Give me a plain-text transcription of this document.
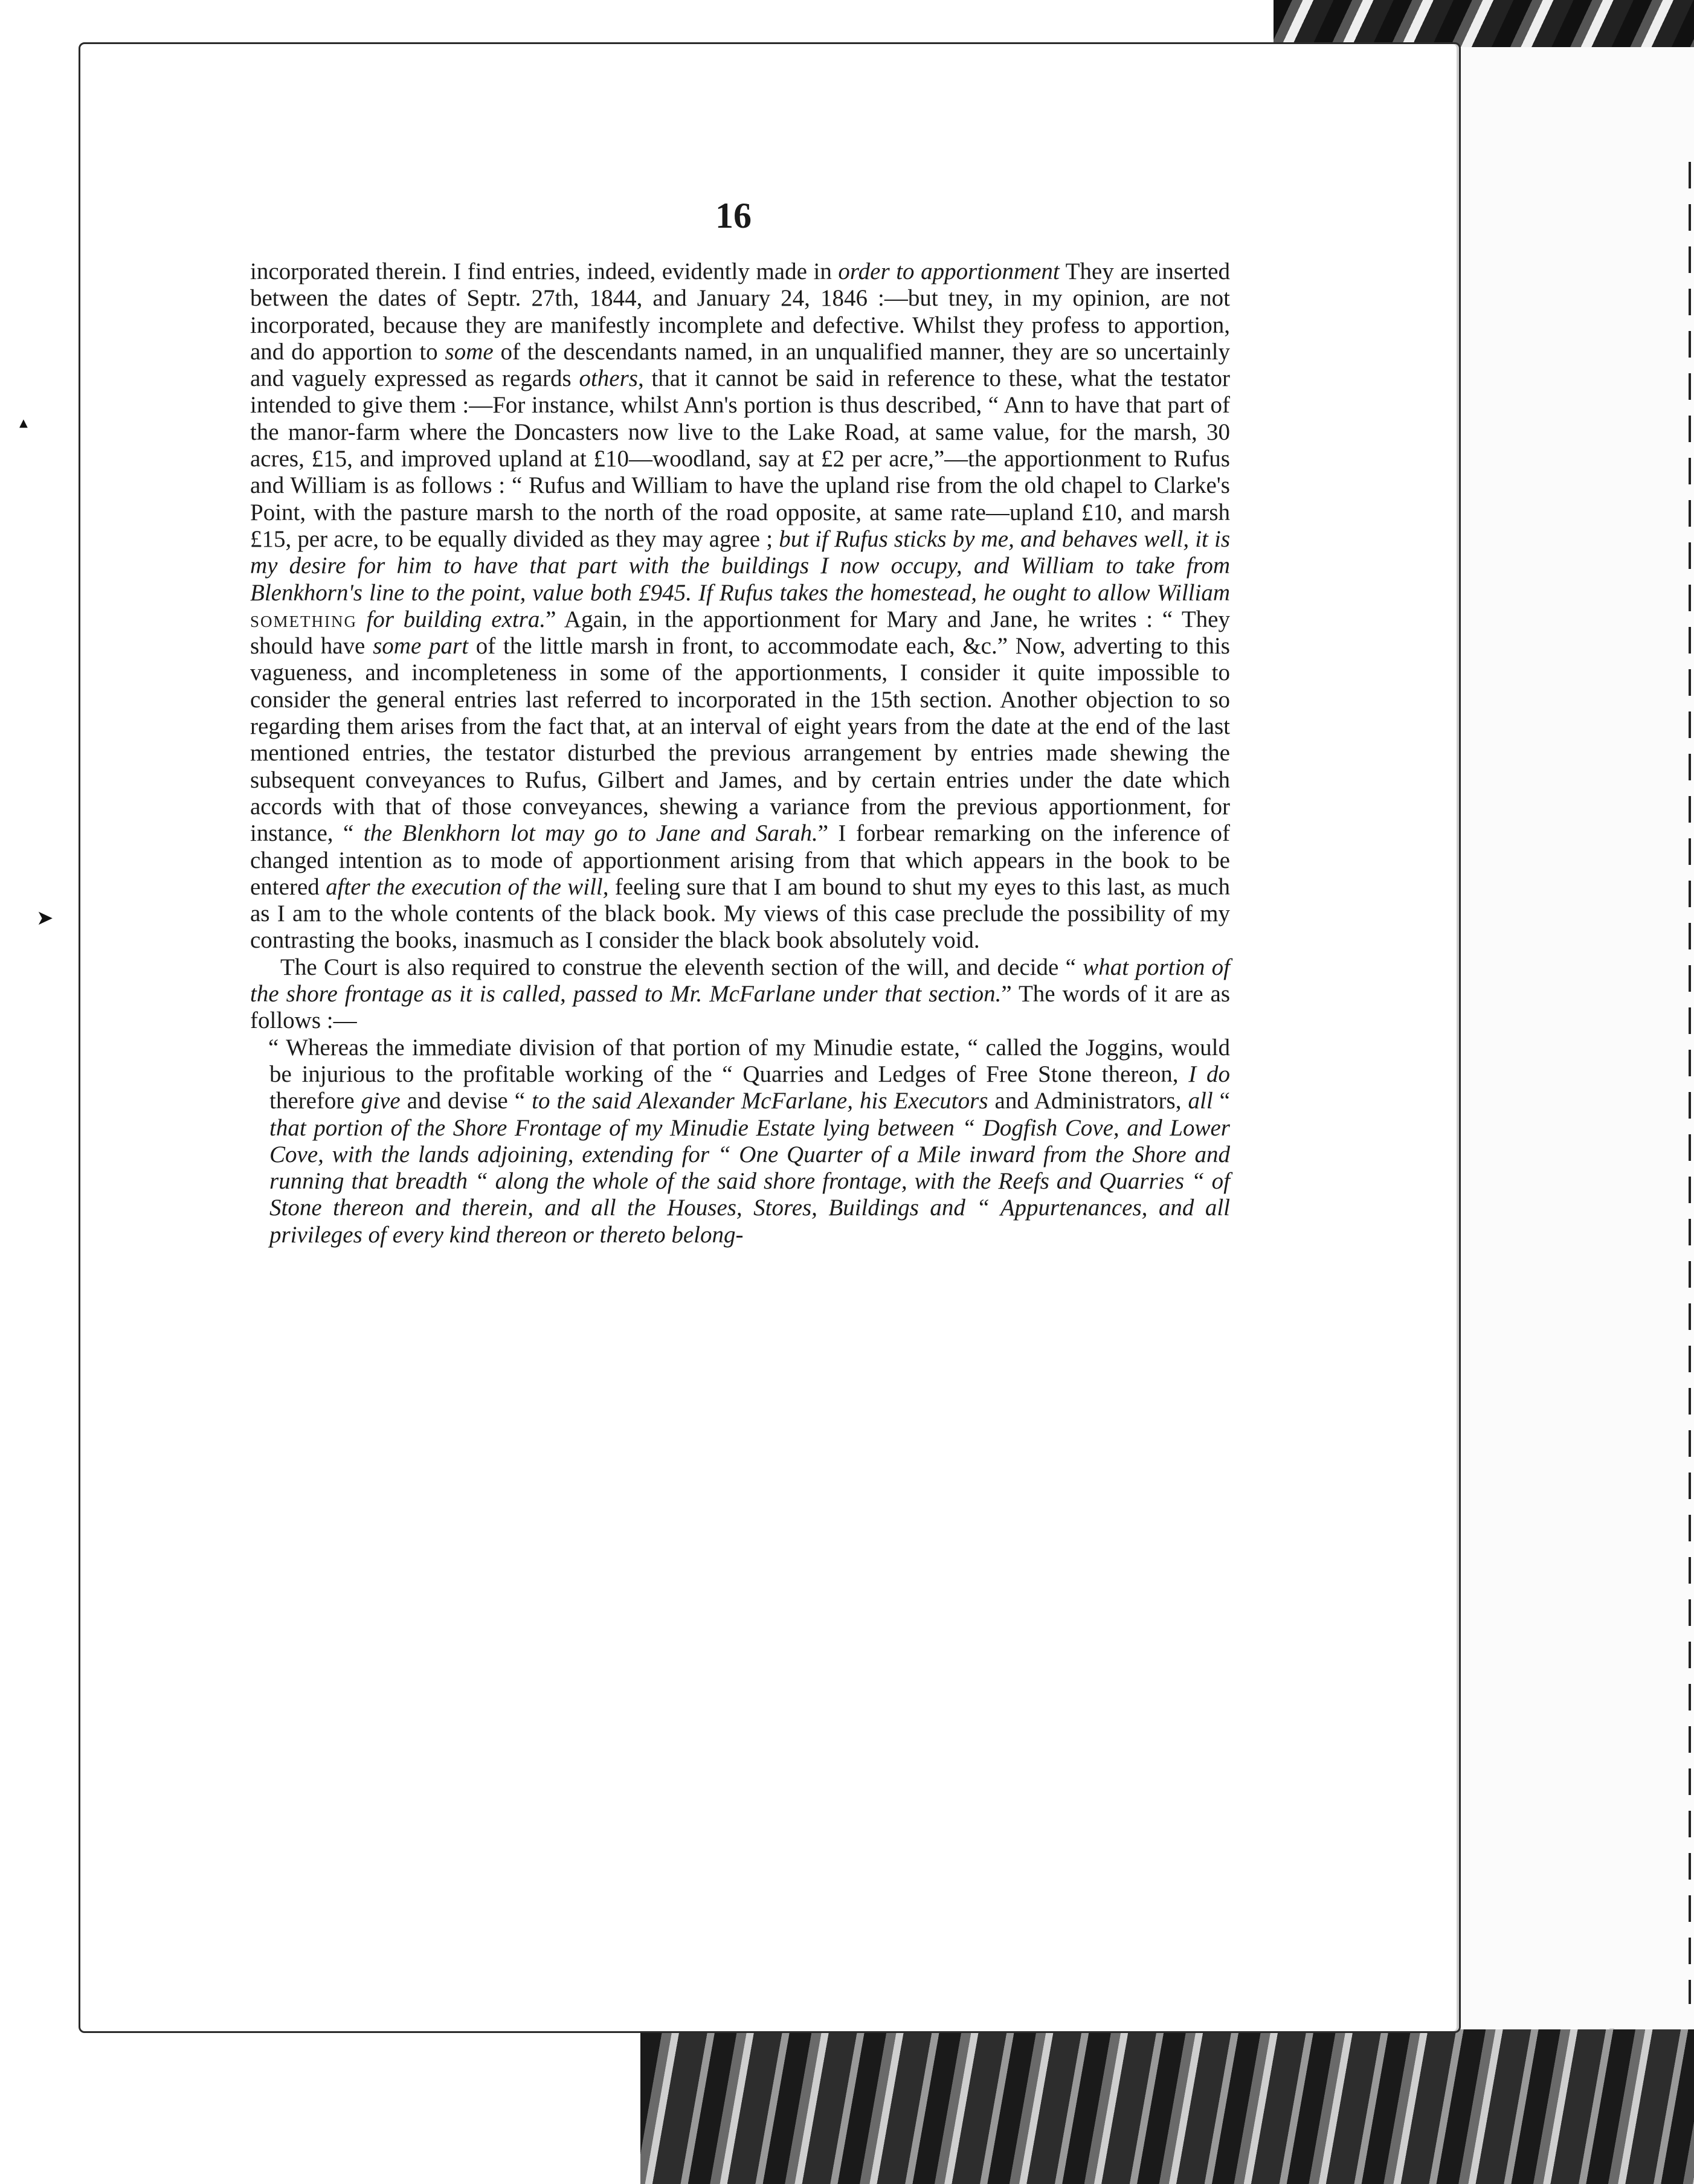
▲
➤
16

incorporated therein. I find entries, indeed, evidently made in order to apportionment They are inserted between the dates of Septr. 27th, 1844, and January 24, 1846 :—but tney, in my opinion, are not incorporated, because they are manifestly incomplete and defective. Whilst they profess to apportion, and do apportion to some of the descendants named, in an unqualified manner, they are so uncertainly and vaguely expressed as regards others, that it cannot be said in reference to these, what the testator intended to give them :—For instance, whilst Ann's portion is thus described, “ Ann to have that part of the manor-farm where the Doncasters now live to the Lake Road, at same value, for the marsh, 30 acres, £15, and improved upland at £10—woodland, say at £2 per acre,”—the apportionment to Rufus and William is as follows : “ Rufus and William to have the upland rise from the old chapel to Clarke's Point, with the pasture marsh to the north of the road opposite, at same rate—upland £10, and marsh £15, per acre, to be equally divided as they may agree ; but if Rufus sticks by me, and behaves well, it is my desire for him to have that part with the buildings I now occupy, and William to take from Blenkhorn's line to the point, value both £945. If Rufus takes the homestead, he ought to allow William something for building extra.” Again, in the apportionment for Mary and Jane, he writes : “ They should have some part of the little marsh in front, to accommodate each, &c.” Now, adverting to this vagueness, and incompleteness in some of the apportionments, I consider it quite impossible to consider the general entries last referred to incorporated in the 15th section. Another objection to so regarding them arises from the fact that, at an interval of eight years from the date at the end of the last mentioned entries, the testator disturbed the previous arrangement by entries made shewing the subsequent conveyances to Rufus, Gilbert and James, and by certain entries under the date which accords with that of those conveyances, shewing a variance from the previous apportionment, for instance, “ the Blenkhorn lot may go to Jane and Sarah.” I forbear remarking on the inference of changed intention as to mode of apportionment arising from that which appears in the book to be entered after the execution of the will, feeling sure that I am bound to shut my eyes to this last, as much as I am to the whole contents of the black book. My views of this case preclude the possibility of my contrasting the books, inasmuch as I consider the black book absolutely void.

The Court is also required to construe the eleventh section of the will, and decide “ what portion of the shore frontage as it is called, passed to Mr. McFarlane under that section.” The words of it are as follows :—

“ Whereas the immediate division of that portion of my Minudie estate, “ called the Joggins, would be injurious to the profitable working of the “ Quarries and Ledges of Free Stone thereon, I do therefore give and devise “ to the said Alexander McFarlane, his Executors and Administrators, all “ that portion of the Shore Frontage of my Minudie Estate lying between “ Dogfish Cove, and Lower Cove, with the lands adjoining, extending for “ One Quarter of a Mile inward from the Shore and running that breadth “ along the whole of the said shore frontage, with the Reefs and Quarries “ of Stone thereon and therein, and all the Houses, Stores, Buildings and “ Appurtenances, and all privileges of every kind thereon or thereto belong-
